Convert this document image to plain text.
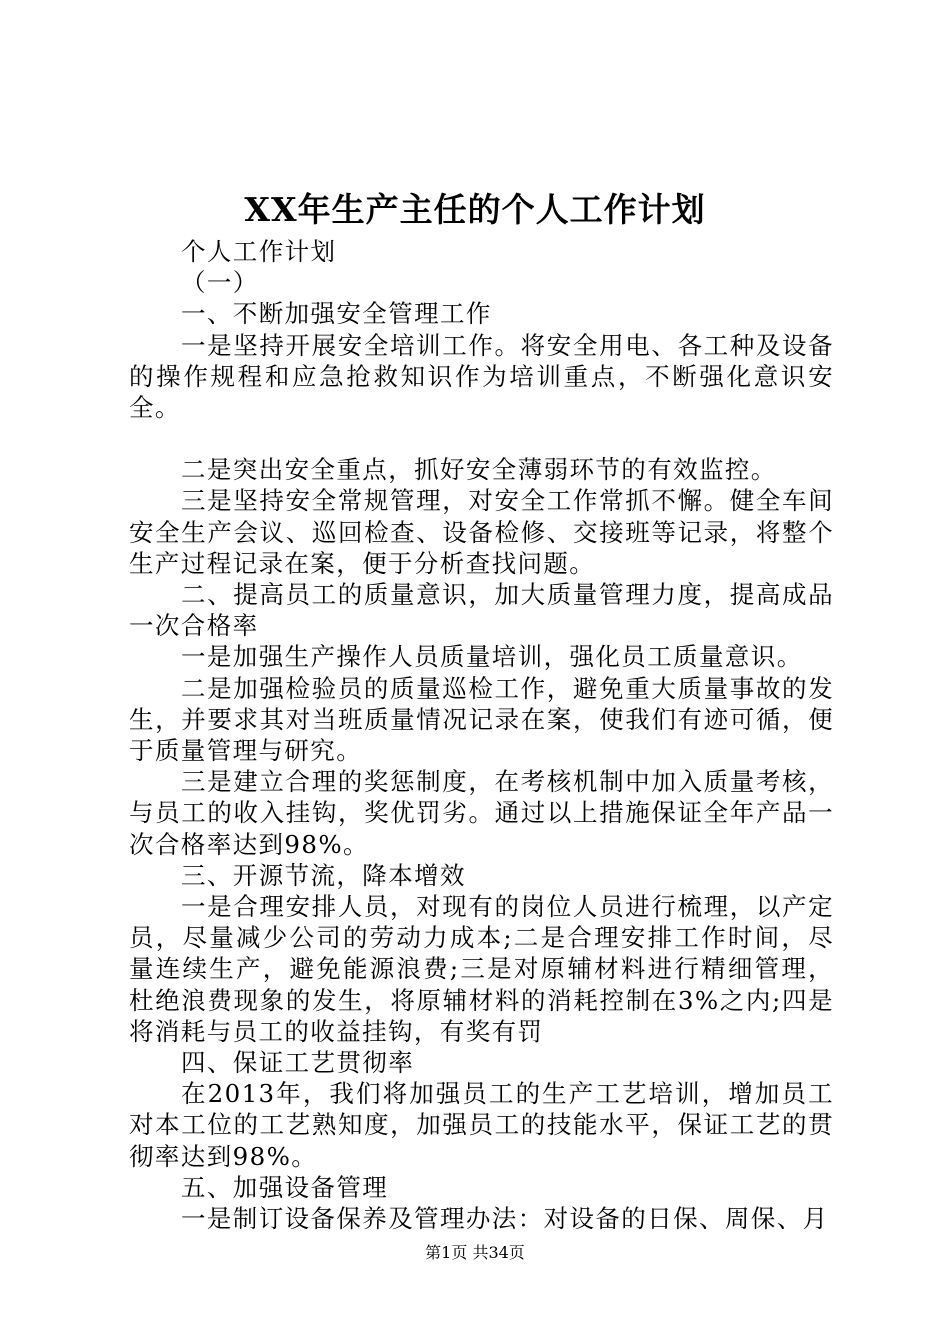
XX年生产主任的个人工作计划

个人工作计划

（一）

一、不断加强安全管理工作

一是坚持开展安全培训工作。将安全用电、各工种及设备的操作规程和应急抢救知识作为培训重点，不断强化意识安全。

二是突出安全重点，抓好安全薄弱环节的有效监控。

三是坚持安全常规管理，对安全工作常抓不懈。健全车间安全生产会议、巡回检查、设备检修、交接班等记录，将整个生产过程记录在案，便于分析查找问题。

二、提高员工的质量意识，加大质量管理力度，提高成品一次合格率

一是加强生产操作人员质量培训，强化员工质量意识。

二是加强检验员的质量巡检工作，避免重大质量事故的发生，并要求其对当班质量情况记录在案，使我们有迹可循，便于质量管理与研究。

三是建立合理的奖惩制度，在考核机制中加入质量考核，与员工的收入挂钩，奖优罚劣。通过以上措施保证全年产品一次合格率达到98%。

三、开源节流，降本增效

一是合理安排人员，对现有的岗位人员进行梳理，以产定员，尽量减少公司的劳动力成本;二是合理安排工作时间，尽量连续生产，避免能源浪费;三是对原辅材料进行精细管理，杜绝浪费现象的发生，将原辅材料的消耗控制在3%之内;四是将消耗与员工的收益挂钩，有奖有罚

四、保证工艺贯彻率

在2013年，我们将加强员工的生产工艺培训，增加员工对本工位的工艺熟知度，加强员工的技能水平，保证工艺的贯彻率达到98%。

五、加强设备管理

一是制订设备保养及管理办法：对设备的日保、周保、月

第1页 共34页
